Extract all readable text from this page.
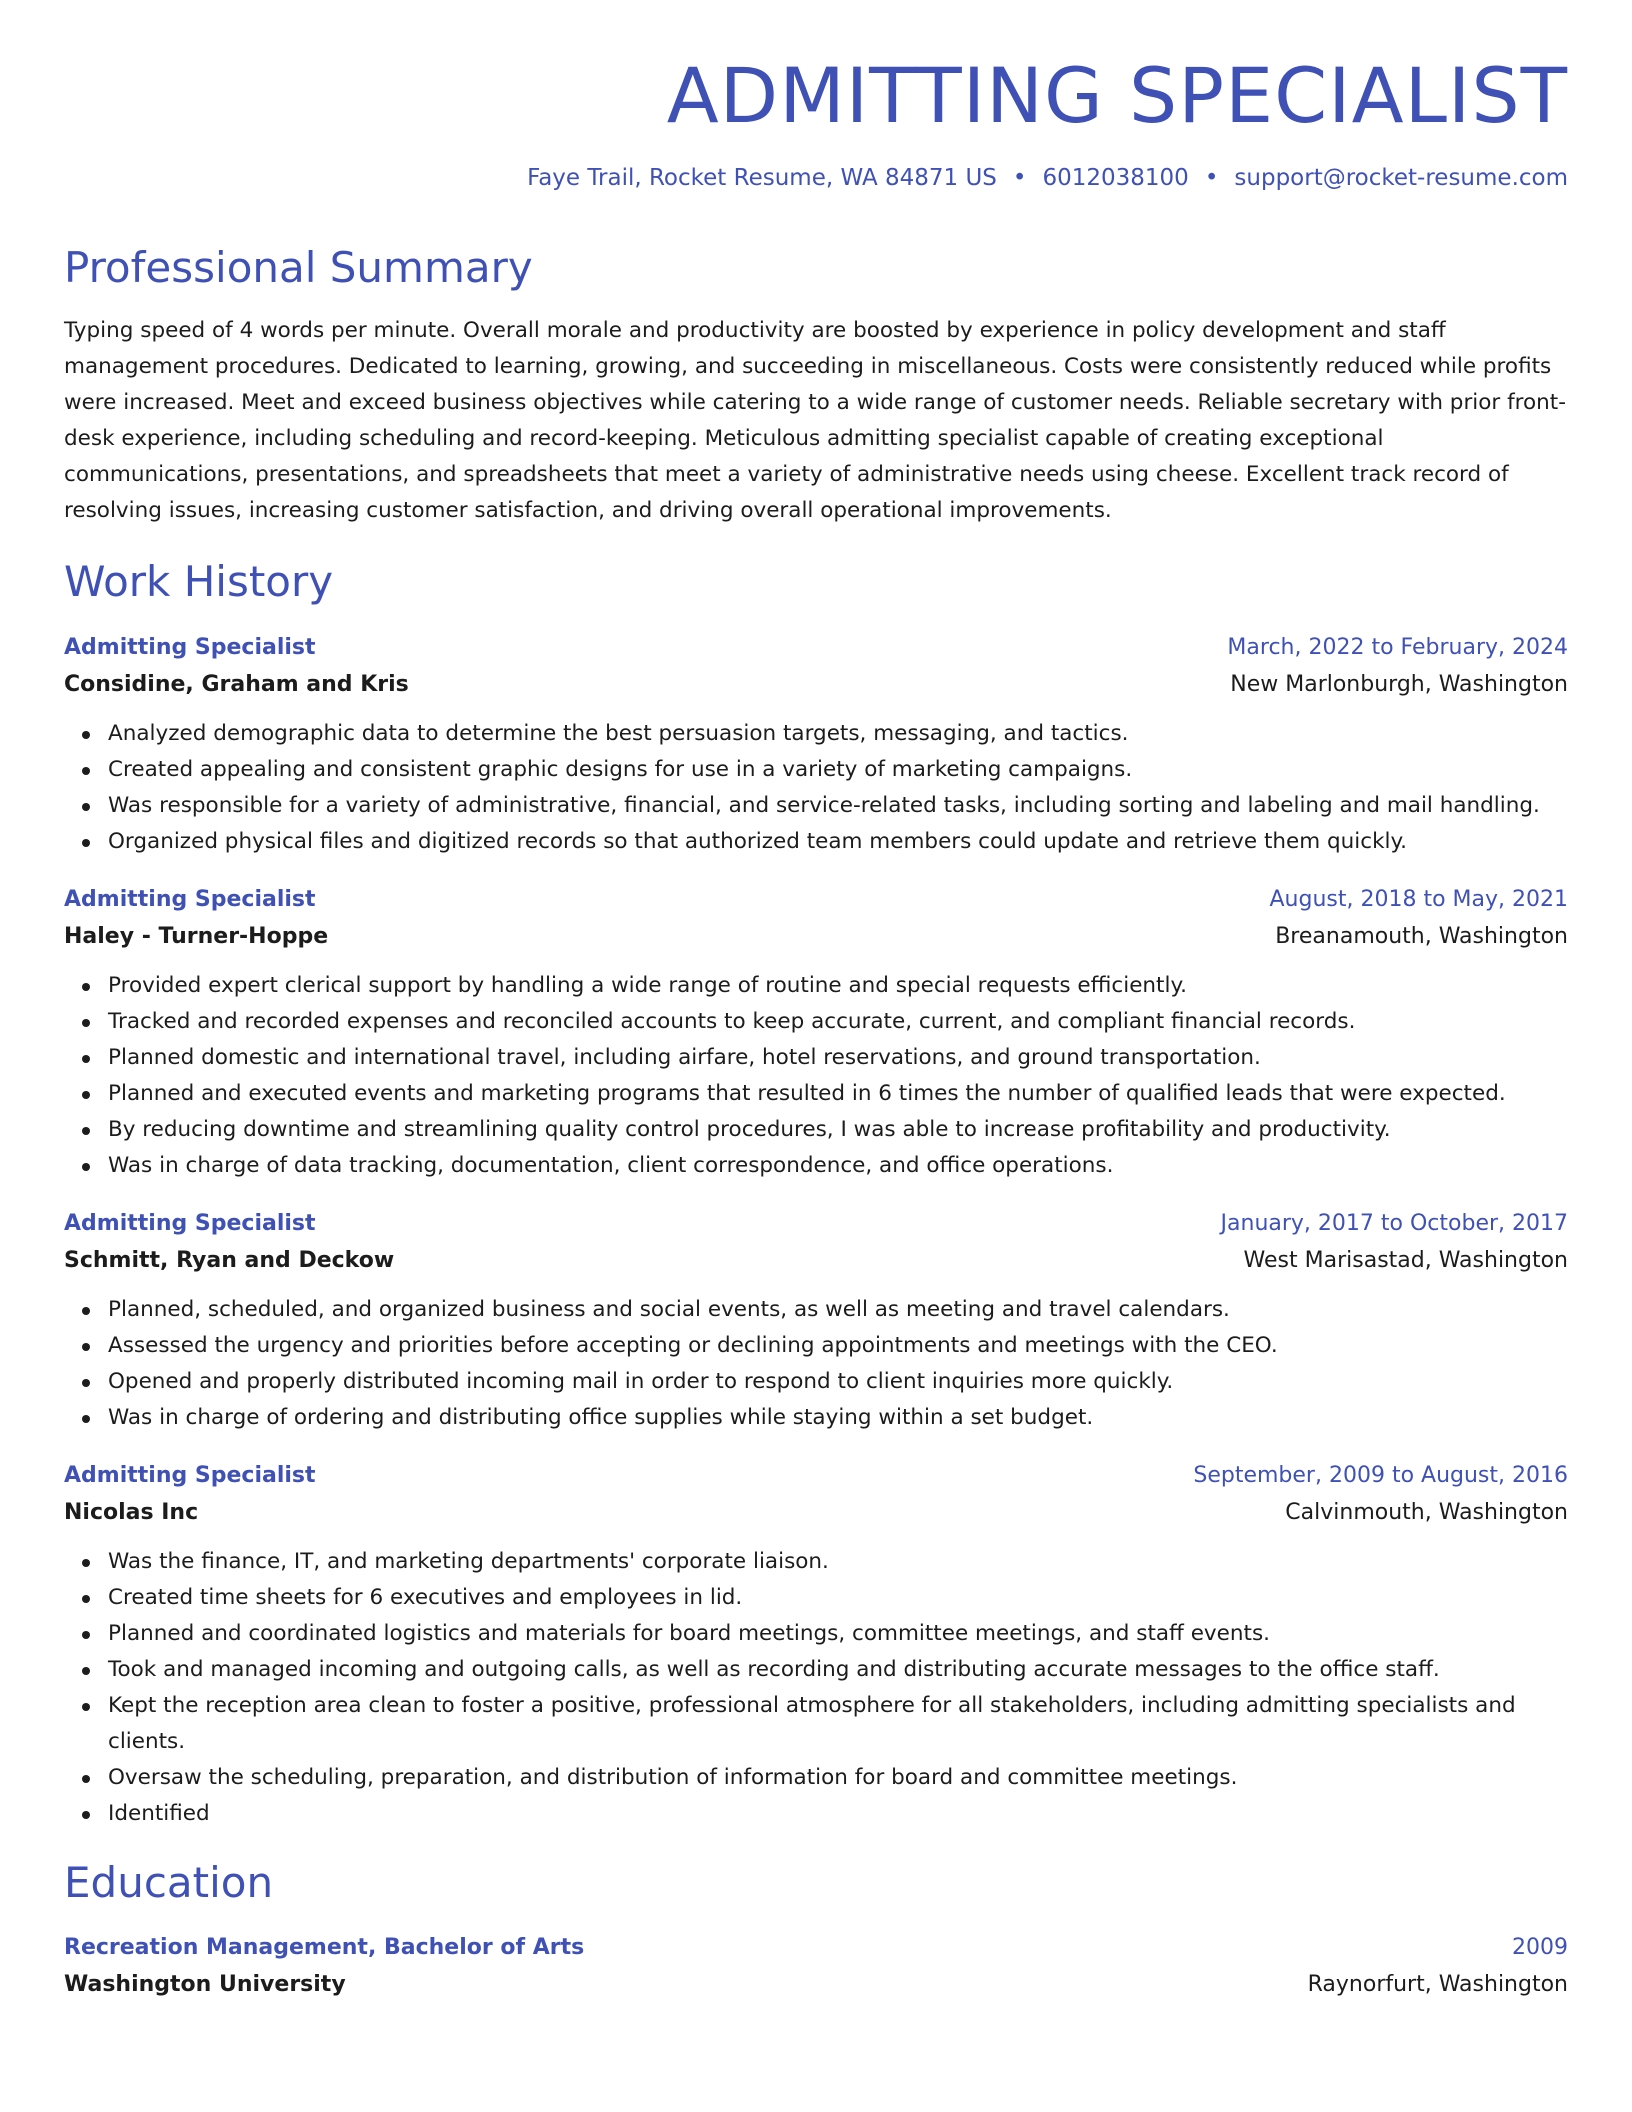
ADMITTING SPECIALIST
Faye Trail, Rocket Resume, WA 84871 US • 6012038100 • support@rocket-resume.com
Professional Summary

Typing speed of 4 words per minute. Overall morale and productivity are boosted by experience in policy development and staff management procedures. Dedicated to learning, growing, and succeeding in miscellaneous. Costs were consistently reduced while profits were increased. Meet and exceed business objectives while catering to a wide range of customer needs. Reliable secretary with prior front-desk experience, including scheduling and record-keeping. Meticulous admitting specialist capable of creating exceptional communications, presentations, and spreadsheets that meet a variety of administrative needs using cheese. Excellent track record of resolving issues, increasing customer satisfaction, and driving overall operational improvements.

Work History
Admitting Specialist	March, 2022 to February, 2024
Considine, Graham and Kris	New Marlonburgh, Washington
Analyzed demographic data to determine the best persuasion targets, messaging, and tactics.
Created appealing and consistent graphic designs for use in a variety of marketing campaigns.
Was responsible for a variety of administrative, financial, and service-related tasks, including sorting and labeling and mail handling.
Organized physical files and digitized records so that authorized team members could update and retrieve them quickly.
Admitting Specialist	August, 2018 to May, 2021
Haley - Turner-Hoppe	Breanamouth, Washington
Provided expert clerical support by handling a wide range of routine and special requests efficiently.
Tracked and recorded expenses and reconciled accounts to keep accurate, current, and compliant financial records.
Planned domestic and international travel, including airfare, hotel reservations, and ground transportation.
Planned and executed events and marketing programs that resulted in 6 times the number of qualified leads that were expected.
By reducing downtime and streamlining quality control procedures, I was able to increase profitability and productivity.
Was in charge of data tracking, documentation, client correspondence, and office operations.
Admitting Specialist	January, 2017 to October, 2017
Schmitt, Ryan and Deckow	West Marisastad, Washington
Planned, scheduled, and organized business and social events, as well as meeting and travel calendars.
Assessed the urgency and priorities before accepting or declining appointments and meetings with the CEO.
Opened and properly distributed incoming mail in order to respond to client inquiries more quickly.
Was in charge of ordering and distributing office supplies while staying within a set budget.
Admitting Specialist	September, 2009 to August, 2016
Nicolas Inc	Calvinmouth, Washington
Was the finance, IT, and marketing departments' corporate liaison.
Created time sheets for 6 executives and employees in lid.
Planned and coordinated logistics and materials for board meetings, committee meetings, and staff events.
Took and managed incoming and outgoing calls, as well as recording and distributing accurate messages to the office staff.
Kept the reception area clean to foster a positive, professional atmosphere for all stakeholders, including admitting specialists and clients.
Oversaw the scheduling, preparation, and distribution of information for board and committee meetings.
Identified
Education
Recreation Management, Bachelor of Arts	2009
Washington University	Raynorfurt, Washington
